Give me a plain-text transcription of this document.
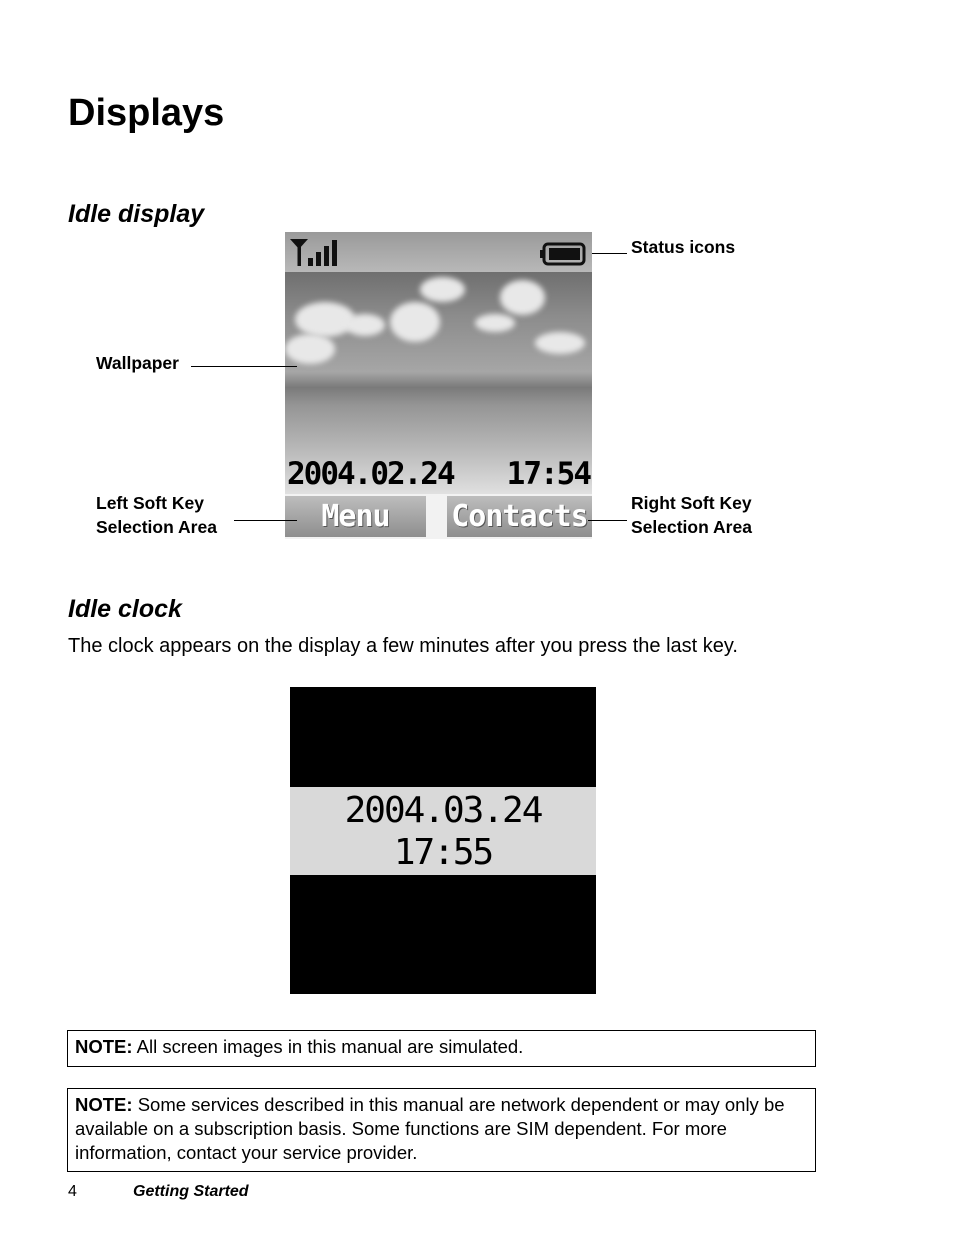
Displays
Idle display
2004.02.24 17:54
Menu	Contacts
Status icons
Wallpaper
Left Soft Key
Selection Area
Right Soft Key
Selection Area
Idle clock
The clock appears on the display a few minutes after you press the last key.
2004.03.24
17:55
NOTE: All screen images in this manual are simulated.
NOTE: Some services described in this manual are network dependent or may only be available on a subscription basis. Some functions are SIM dependent. For more information, contact your service provider.
4	Getting Started
